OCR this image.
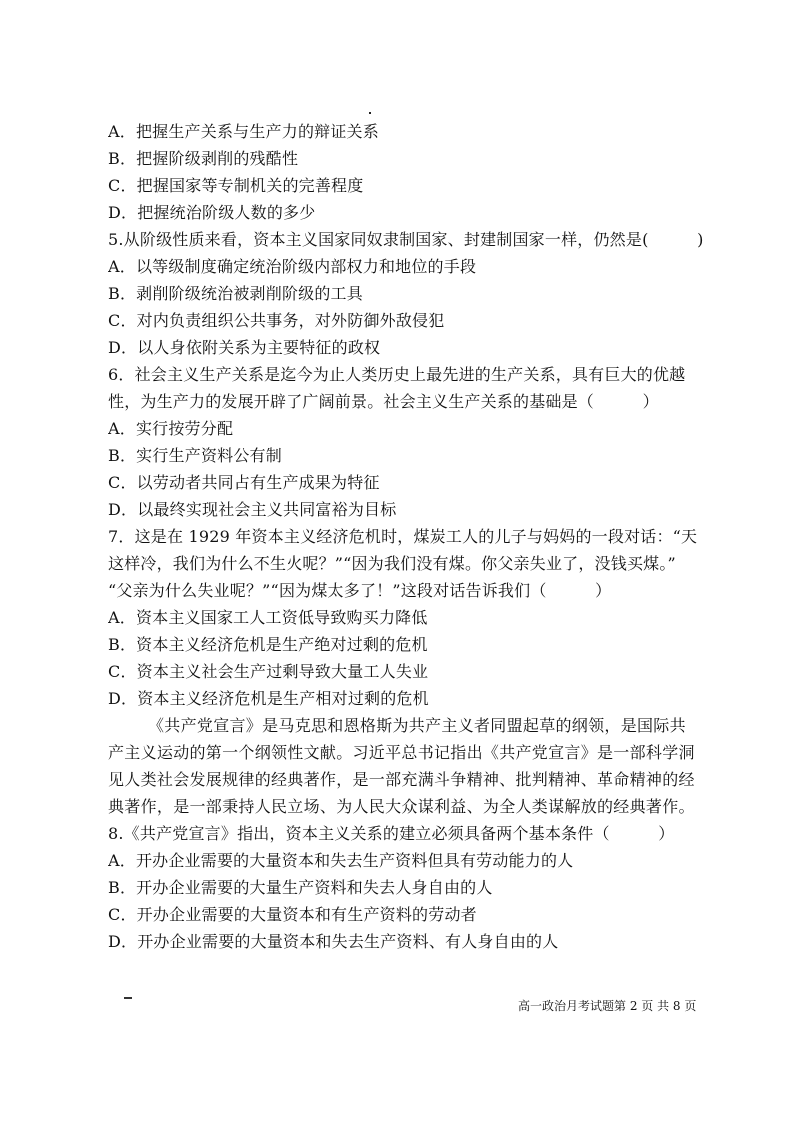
A．把握生产关系与生产力的辩证关系
B．把握阶级剥削的残酷性
C．把握国家等专制机关的完善程度
D．把握统治阶级人数的多少
5.从阶级性质来看，资本主义国家同奴隶制国家、封建制国家一样，仍然是(　　　)
A．以等级制度确定统治阶级内部权力和地位的手段
B．剥削阶级统治被剥削阶级的工具
C．对内负责组织公共事务，对外防御外敌侵犯
D．以人身依附关系为主要特征的政权
6．社会主义生产关系是迄今为止人类历史上最先进的生产关系，具有巨大的优越
性，为生产力的发展开辟了广阔前景。社会主义生产关系的基础是（　　　）
A．实行按劳分配
B．实行生产资料公有制
C．以劳动者共同占有生产成果为特征
D．以最终实现社会主义共同富裕为目标
7．这是在 1929 年资本主义经济危机时，煤炭工人的儿子与妈妈的一段对话：“天
这样冷，我们为什么不生火呢？”“因为我们没有煤。你父亲失业了，没钱买煤。”
“父亲为什么失业呢？”“因为煤太多了！”这段对话告诉我们（　　　）
A．资本主义国家工人工资低导致购买力降低
B．资本主义经济危机是生产绝对过剩的危机
C．资本主义社会生产过剩导致大量工人失业
D．资本主义经济危机是生产相对过剩的危机
《共产党宣言》是马克思和恩格斯为共产主义者同盟起草的纲领，是国际共
产主义运动的第一个纲领性文献。习近平总书记指出《共产党宣言》是一部科学洞
见人类社会发展规律的经典著作，是一部充满斗争精神、批判精神、革命精神的经
典著作，是一部秉持人民立场、为人民大众谋利益、为全人类谋解放的经典著作。
8.《共产党宣言》指出，资本主义关系的建立必须具备两个基本条件（　　　）
A．开办企业需要的大量资本和失去生产资料但具有劳动能力的人
B．开办企业需要的大量生产资料和失去人身自由的人
C．开办企业需要的大量资本和有生产资料的劳动者
D．开办企业需要的大量资本和失去生产资料、有人身自由的人
高一政治月考试题第 2 页 共 8 页
